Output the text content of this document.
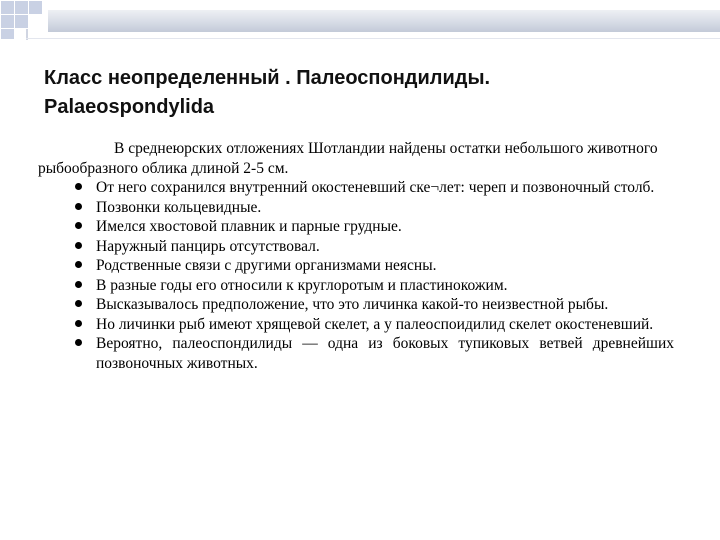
Класс неопределенный . Палеоспондилиды.
Palaeospondylida

В среднеюрских отложениях Шотландии найдены остатки небольшого животного рыбообразного облика длиной 2-5 см.

От него сохранился внутренний окостеневший ске¬лет: череп и позвоночный столб.
Позвонки кольцевидные.
Имелся хвостовой плавник и парные грудные.
Наружный панцирь отсутствовал.
Родственные связи с другими организмами неясны.
В разные годы его относили к круглоротым и пластинокожим.
Высказывалось предположение, что это личинка какой-то неизвестной рыбы.
Но личинки рыб имеют хрящевой скелет, а у палеоспоидилид скелет окостеневший.
Вероятно, палеоспондилиды — одна из боковых тупиковых ветвей древнейших позвоночных животных.
